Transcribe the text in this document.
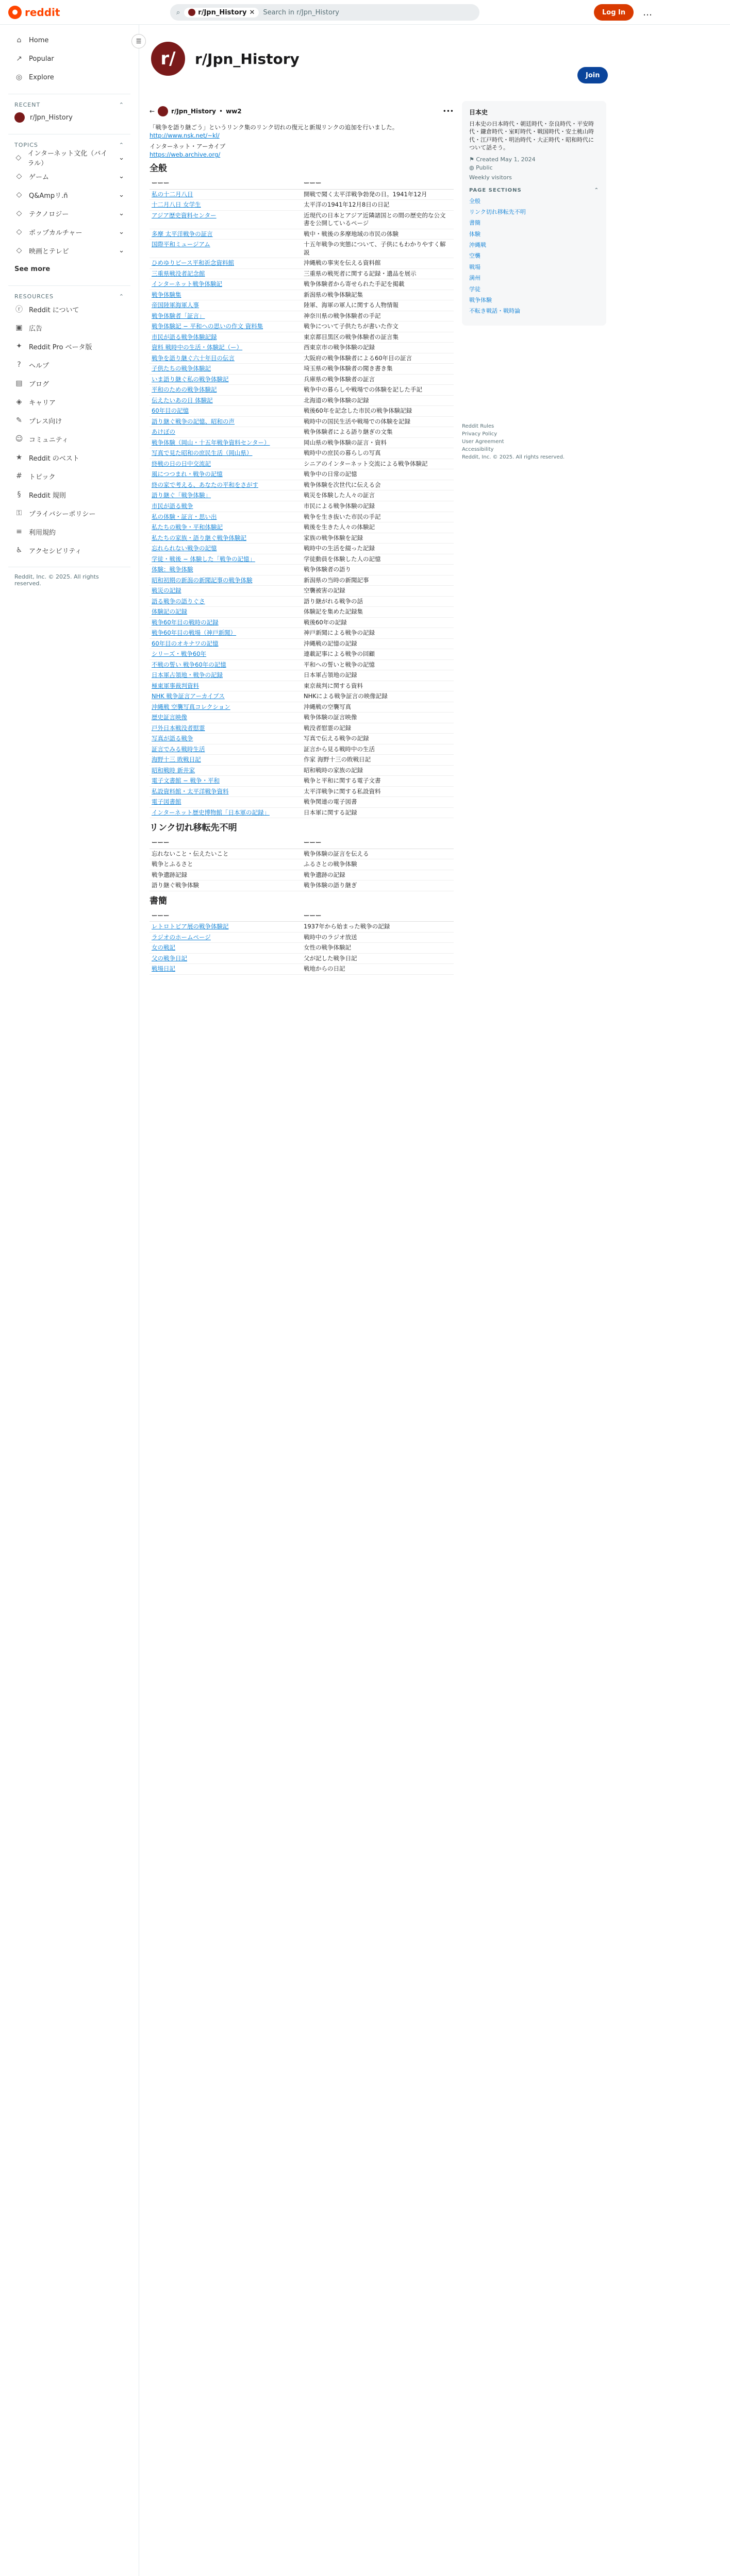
● reddit	⌕	r/Jpn_History ✕ Search in r/Jpn_History	Log In	…
⌂	Home
↗ Popular
◎ Explore
RECENT	⌃
r/Jpn_History
TOPICS	⌃
◇ インターネット文化（バイラル）
⌄
◇ ゲーム	⌄
◇ Q&Ampリ.ñ	⌄
◇ テクノロジー	⌄
◇ ポップカルチャー	⌄
◇ 映画とテレビ	⌄
See more
RESOURCES	⌃
ⓡ Reddit について
▣ 広告
✦ Reddit Pro ベータ版
?	ヘルプ
▤ ブログ
◈ キャリア
✎ プレス向け
☺ コミュニティ
★ Reddit のベスト
# トピック
§	Reddit 規則
⚿ プライバシーポリシー
≡ 利用規約
♿ アクセシビリティ
Reddit, Inc. © 2025. All rights reserved.
☰
r/	r/Jpn_History
Join
←	r/Jpn_History • ww2	•••

「戦争を語り継ごう」というリンク集のリンク切れの復元と新規リンクの追加を行いました。
http://www.nsk.net/~kl/

インターネット・アーカイブ
https://web.archive.org/

全般
ーーー	ーーー
私の十二月八日	開戦で聞く太平洋戦争勃発の日。1941年12月
十二月八日 女学生	太平洋の1941年12月8日の日記
アジア歴史資料センター	近現代の日本とアジア近隣諸国との間の歴史的な公文書を公開しているページ
多摩 太平洋戦争の証言	戦中・戦後の多摩地域の市民の体験
国際平和ミュージアム	十五年戦争の実態について、子供にもわかりやすく解説
ひめゆりピース平和祈念資料館	沖縄戦の事実を伝える資料館
三重県戦没者記念館	三重県の戦死者に関する記録・遺品を展示
インターネット戦争体験記	戦争体験者から寄せられた手記を掲載
戦争体験集	新潟県の戦争体験記集
帝国陸軍海軍人事	陸軍、海軍の軍人に関する人物情報
戦争体験者「証言」	神奈川県の戦争体験者の手記
戦争体験記 − 平和への思いの作文 資料集	戦争について子供たちが書いた作文
市民が語る戦争体験記録	東京都目黒区の戦争体験者の証言集
資料 戦時中の生活・体験記（ー）	西東京市の戦争体験の記録
戦争を語り継ぐ六十年目の伝言	大阪府の戦争体験者による60年目の証言
子供たちの戦争体験記	埼玉県の戦争体験者の聞き書き集
いま語り継ぐ私の戦争体験記	兵庫県の戦争体験者の証言
平和のための戦争体験記	戦争中の暮らしや戦場での体験を記した手記
伝えたいあの日 体験記	北海道の戦争体験の記録
60年目の記憶	戦後60年を記念した市民の戦争体験記録
語り継ぐ戦争の記憶、昭和の声	戦時中の国民生活や戦場での体験を記録
あけぼの	戦争体験者による語り継ぎの文集
戦争体験（岡山・十五年戦争資料センター）	岡山県の戦争体験の証言・資料
写真で見た昭和の庶民生活（岡山県）	戦時中の庶民の暮らしの写真
終戦の日の日中交流記	シニアのインターネット交流による戦争体験記
風につつまれ・戦争の記憶	戦争中の日常の記憶
終の家で考える、あなたの平和をさがす	戦争体験を次世代に伝える会
語り継ぐ「戦争体験」	戦災を体験した人々の証言
市民が語る戦争	市民による戦争体験の記録
私の体験・証言・思い出	戦争を生き抜いた市民の手記
私たちの戦争・平和体験記	戦後を生きた人々の体験記
私たちの家族・語り継ぐ戦争体験記	家族の戦争体験を記録
忘れられない戦争の記憶	戦時中の生活を綴った記録
学徒・戦後 − 体験した「戦争の記憶」	学徒動員を体験した人の記憶
体験：戦争体験	戦争体験者の語り
昭和初期の新潟の新聞記事の戦争体験	新潟県の当時の新聞記事
戦災の記録	空襲被害の記録
語る戦争の語りぐさ	語り継がれる戦争の話
体験記の記録	体験記を集めた記録集
戦争60年目の戦時の記録	戦後60年の記録
戦争60年目の戦場（神戸新聞）	神戸新聞による戦争の記録
60年目のオキナワの記憶	沖縄戦の記憶の記録
シリーズ・戦争60年	連載記事による戦争の回顧
不戦の誓い 戦争60年の記憶	平和への誓いと戦争の記憶
日本軍占領地・戦争の記録	日本軍占領地の記録
極東軍事裁判資料	東京裁判に関する資料
NHK 戦争証言アーカイブス	NHKによる戦争証言の映像記録
沖縄戦 空襲写真コレクション	沖縄戦の空襲写真
歴史証言映像	戦争体験の証言映像
戸外日本戦没者慰霊	戦没者慰霊の記録
写真が語る戦争	写真で伝える戦争の記録
証言でみる戦時生活	証言から見る戦時中の生活
海野十三 敗戦日記	作家 海野十三の敗戦日記
昭和戦時 新井家	昭和戦時の家族の記録
電子文書館 − 戦争・平和	戦争と平和に関する電子文書
私設資料館・太平洋戦争資料	太平洋戦争に関する私設資料
電子図書館	戦争関連の電子図書
インターネット歴史博物館「日本軍の記録」	日本軍に関する記録
リンク切れ移転先不明
ーーー	ーーー
忘れないこと・伝えたいこと	戦争体験の証言を伝える
戦争とふるさと	ふるさとの戦争体験
戦争遺跡記録	戦争遺跡の記録
語り継ぐ戦争体験	戦争体験の語り継ぎ
書簡
ーーー	ーーー
レトロトピア展の戦争体験記	1937年から始まった戦争の記録
ラジオのホームページ	戦時中のラジオ放送
女の戦記	女性の戦争体験記
父の戦争日記	父が記した戦争日記
戦場日記	戦地からの日記
日本史
日本史の日本時代・朝廷時代・奈良時代・平安時代・鎌倉時代・室町時代・戦国時代・安土桃山時代・江戸時代・明治時代・大正時代・昭和時代について話そう。
⚑ Created May 1, 2024
◍ Public
Weekly visitors
PAGE SECTIONS	⌃
全般
リンク切れ移転先不明
書簡
体験
沖縄戦
空襲
戦場
満州
学徒
戦争体験
不転き戦話・戦時論
Reddit Rules
Privacy Policy
User Agreement
Accessibility
Reddit, Inc. © 2025. All rights reserved.
